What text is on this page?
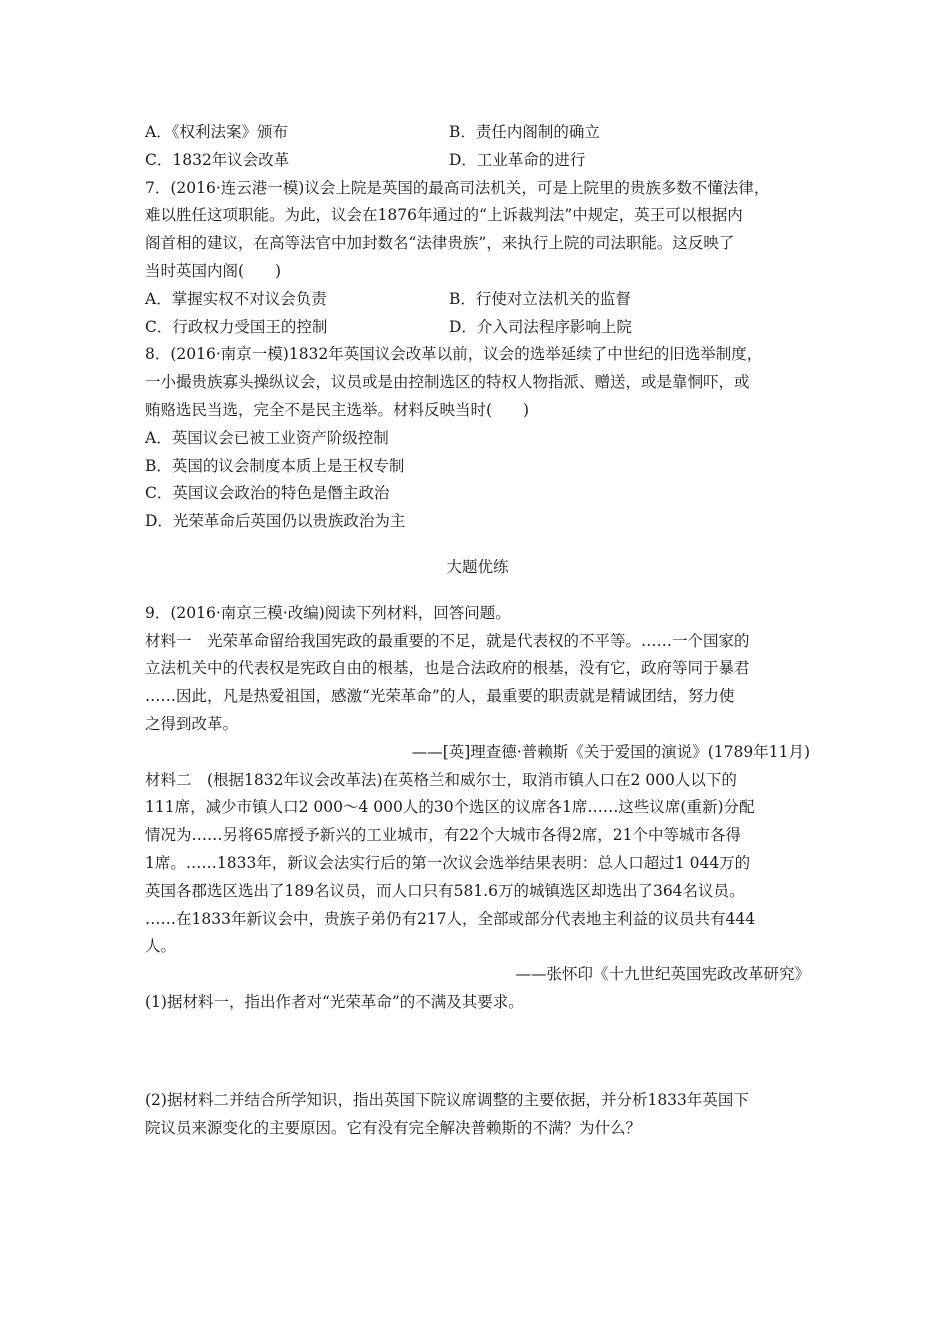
A．《权利法案》颁布	B．责任内阁制的确立
C．1832年议会改革	D．工业革命的进行
7．(2016·连云港一模)议会上院是英国的最高司法机关，可是上院里的贵族多数不懂法律，
难以胜任这项职能。为此，议会在1876年通过的“上诉裁判法”中规定，英王可以根据内
阁首相的建议，在高等法官中加封数名“法律贵族”，来执行上院的司法职能。这反映了
当时英国内阁(　　)
A．掌握实权不对议会负责	B．行使对立法机关的监督
C．行政权力受国王的控制	D．介入司法程序影响上院
8．(2016·南京一模)1832年英国议会改革以前，议会的选举延续了中世纪的旧选举制度，
一小撮贵族寡头操纵议会，议员或是由控制选区的特权人物指派、赠送，或是靠恫吓，或
贿赂选民当选，完全不是民主选举。材料反映当时(　　)
A．英国议会已被工业资产阶级控制
B．英国的议会制度本质上是王权专制
C．英国议会政治的特色是僭主政治
D．光荣革命后英国仍以贵族政治为主
大题优练
9．(2016·南京三模·改编)阅读下列材料，回答问题。
材料一　光荣革命留给我国宪政的最重要的不足，就是代表权的不平等。……一个国家的
立法机关中的代表权是宪政自由的根基，也是合法政府的根基，没有它，政府等同于暴君
……因此，凡是热爱祖国，感激“光荣革命”的人，最重要的职责就是精诚团结，努力使
之得到改革。
——[英]理查德·普赖斯《关于爱国的演说》(1789年11月)
材料二　(根据1832年议会改革法)在英格兰和威尔士，取消市镇人口在2 000人以下的
111席，减少市镇人口2 000～4 000人的30个选区的议席各1席……这些议席(重新)分配
情况为……另将65席授予新兴的工业城市，有22个大城市各得2席，21个中等城市各得
1席。……1833年，新议会法实行后的第一次议会选举结果表明：总人口超过1 044万的
英国各郡选区选出了189名议员，而人口只有581.6万的城镇选区却选出了364名议员。
……在1833年新议会中，贵族子弟仍有217人，全部或部分代表地主利益的议员共有444
人。
——张怀印《十九世纪英国宪政改革研究》
(1)据材料一，指出作者对“光荣革命”的不满及其要求。
(2)据材料二并结合所学知识，指出英国下院议席调整的主要依据，并分析1833年英国下
院议员来源变化的主要原因。它有没有完全解决普赖斯的不满？为什么？
